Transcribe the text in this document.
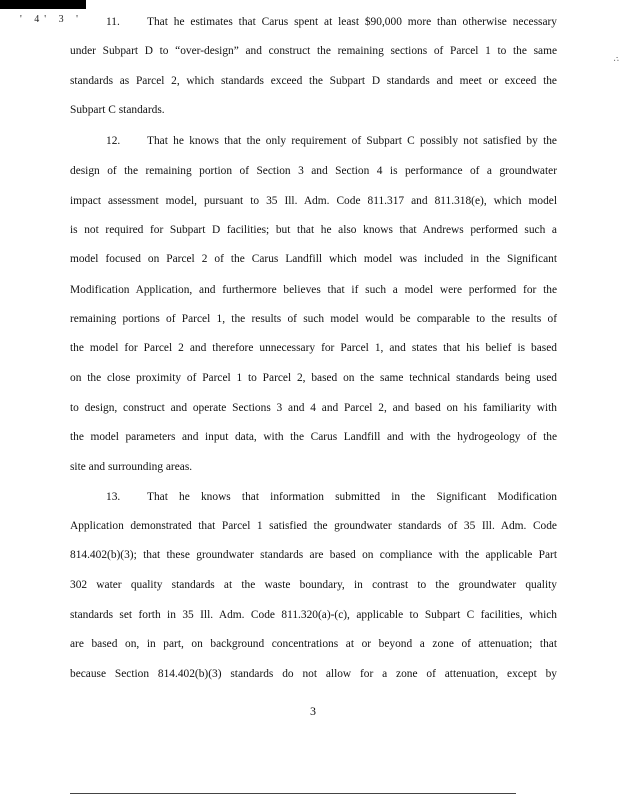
' 4' 3 '
·:
11. That he estimates that Carus spent at least $90,000 more than otherwise necessary
under Subpart D to “over-design” and construct the remaining sections of Parcel 1 to the same
standards as Parcel 2, which standards exceed the Subpart D standards and meet or exceed the
Subpart C standards.
12. That he knows that the only requirement of Subpart C possibly not satisfied by the
design of the remaining portion of Section 3 and Section 4 is performance of a groundwater
impact assessment model, pursuant to 35 Ill. Adm. Code 811.317 and 811.318(e), which model
is not required for Subpart D facilities; but that he also knows that Andrews performed such a
model focused on Parcel 2 of the Carus Landfill which model was included in the Significant
Modification Application, and furthermore believes that if such a model were performed for the
remaining portions of Parcel 1, the results of such model would be comparable to the results of
the model for Parcel 2 and therefore unnecessary for Parcel 1, and states that his belief is based
on the close proximity of Parcel 1 to Parcel 2, based on the same technical standards being used
to design, construct and operate Sections 3 and 4 and Parcel 2, and based on his familiarity with
the model parameters and input data, with the Carus Landfill and with the hydrogeology of the
site and surrounding areas.
13. That he knows that information submitted in the Significant Modification
Application demonstrated that Parcel 1 satisfied the groundwater standards of 35 Ill. Adm. Code
814.402(b)(3); that these groundwater standards are based on compliance with the applicable Part
302 water quality standards at the waste boundary, in contrast to the groundwater quality
standards set forth in 35 Ill. Adm. Code 811.320(a)-(c), applicable to Subpart C facilities, which
are based on, in part, on background concentrations at or beyond a zone of attenuation; that
because Section 814.402(b)(3) standards do not allow for a zone of attenuation, except by
3
